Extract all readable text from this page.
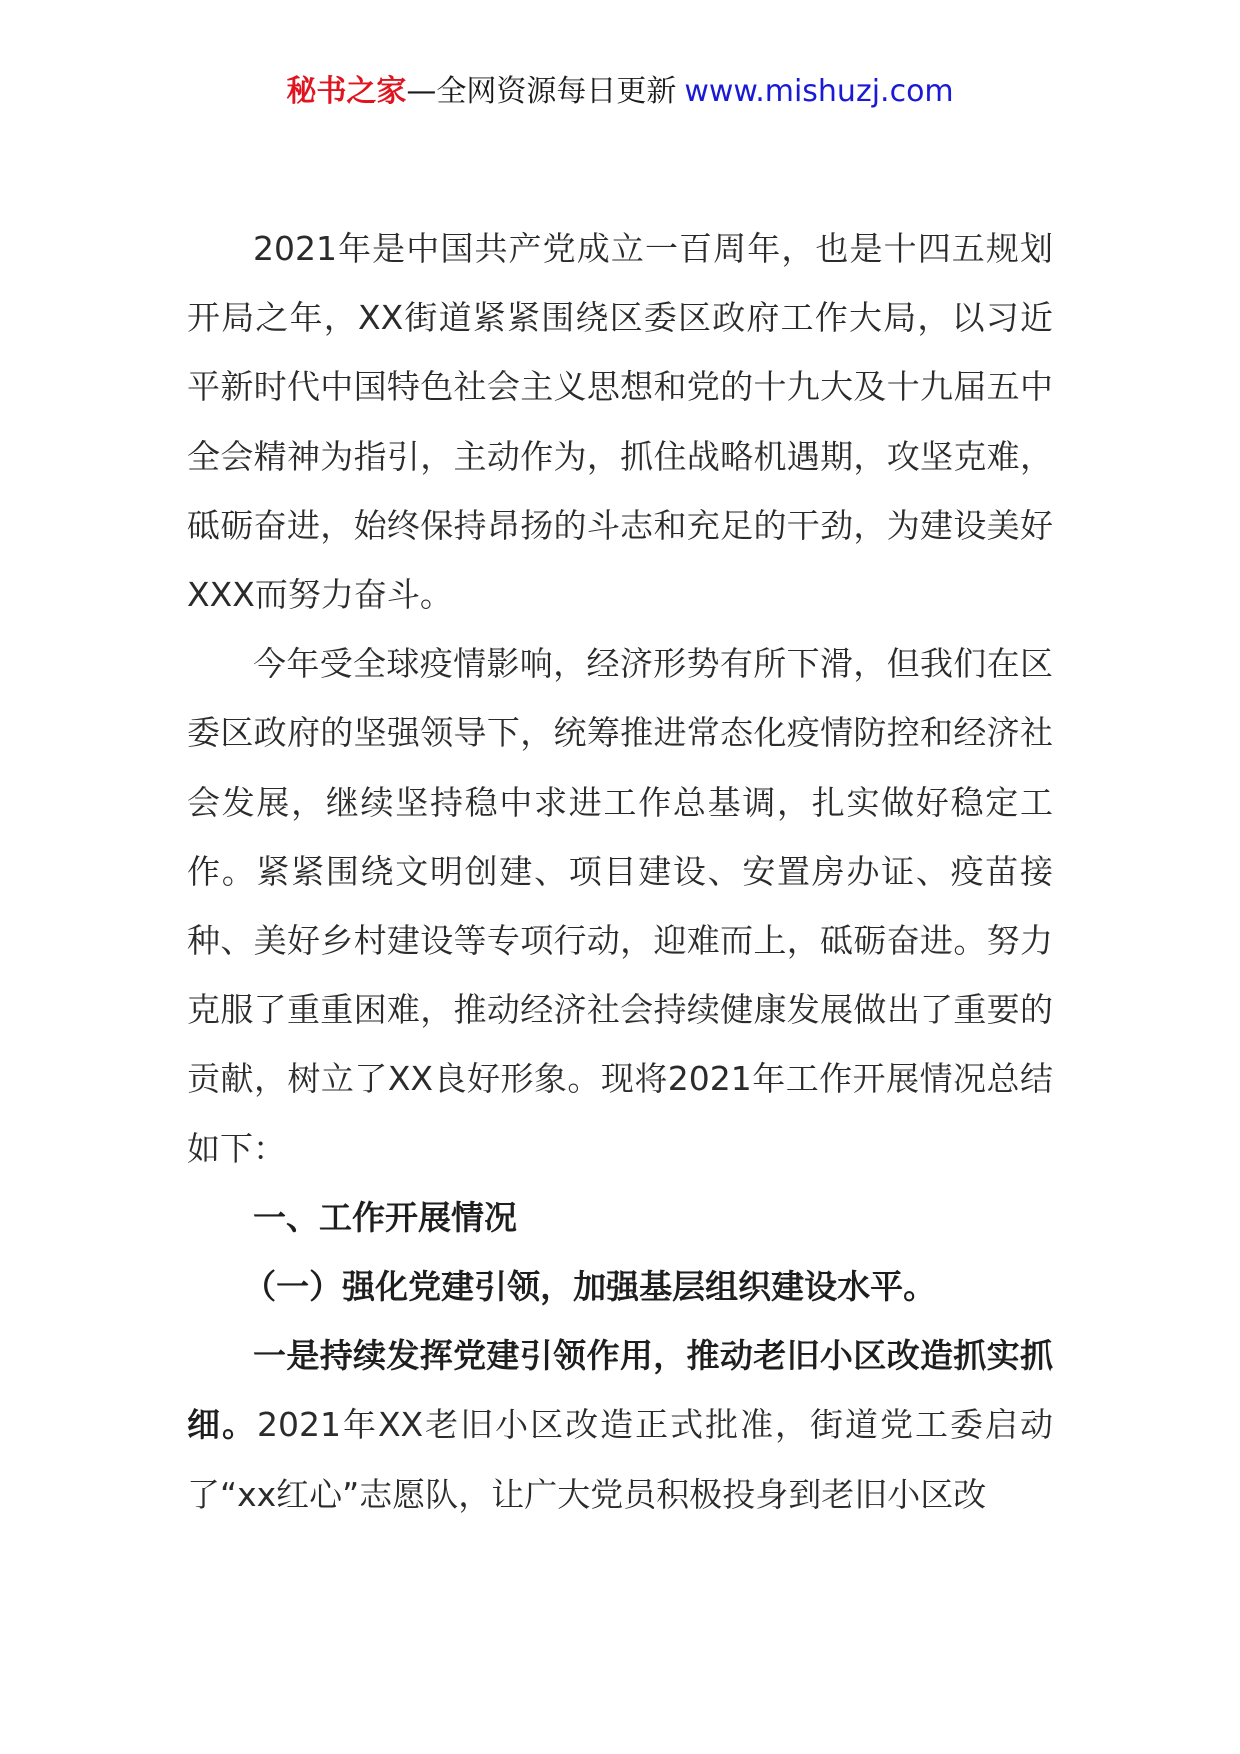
秘书之家—全网资源每日更新 www.mishuzj.com

2021年是中国共产党成立一百周年，也是十四五规划开局之年，XX街道紧紧围绕区委区政府工作大局，以习近平新时代中国特色社会主义思想和党的十九大及十九届五中全会精神为指引，主动作为，抓住战略机遇期，攻坚克难，砥砺奋进，始终保持昂扬的斗志和充足的干劲，为建设美好XXX而努力奋斗。

今年受全球疫情影响，经济形势有所下滑，但我们在区委区政府的坚强领导下，统筹推进常态化疫情防控和经济社会发展，继续坚持稳中求进工作总基调，扎实做好稳定工作。紧紧围绕文明创建、项目建设、安置房办证、疫苗接种、美好乡村建设等专项行动，迎难而上，砥砺奋进。努力克服了重重困难，推动经济社会持续健康发展做出了重要的贡献，树立了XX良好形象。现将2021年工作开展情况总结如下：

一、工作开展情况

（一）强化党建引领，加强基层组织建设水平。

一是持续发挥党建引领作用，推动老旧小区改造抓实抓细。2021年XX老旧小区改造正式批准，街道党工委启动了“xx红心”志愿队，让广大党员积极投身到老旧小区改
